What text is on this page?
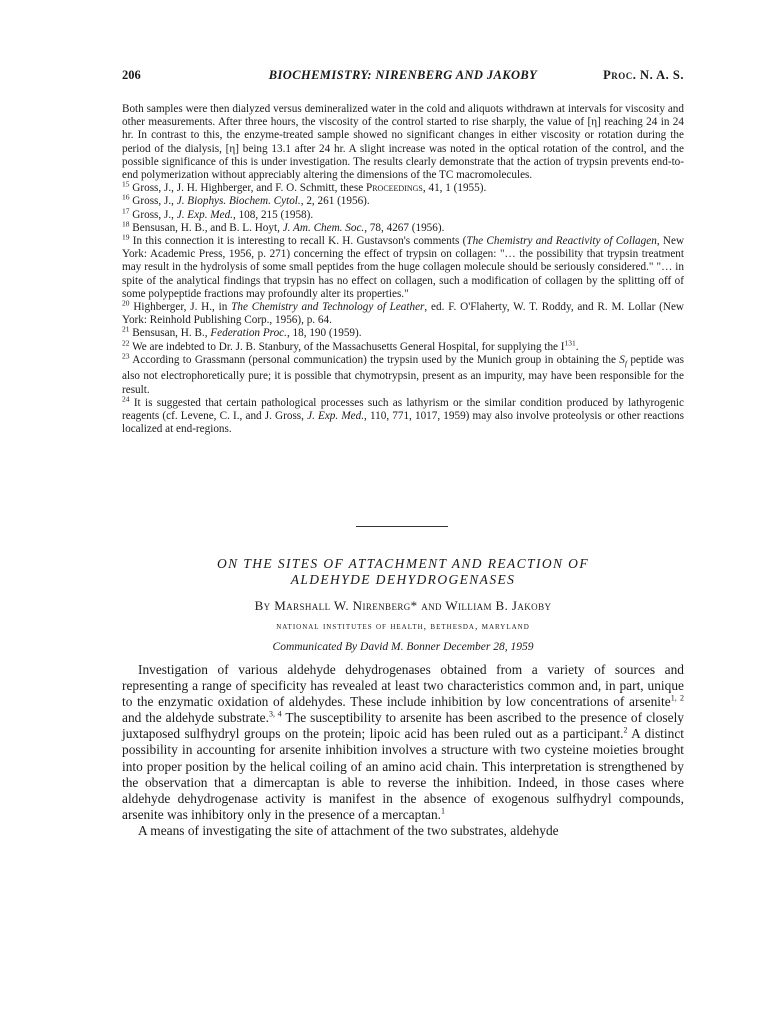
206	BIOCHEMISTRY: NIRENBERG AND JAKOBY	Proc. N. A. S.

Both samples were then dialyzed versus demineralized water in the cold and aliquots withdrawn at intervals for viscosity and other measurements. After three hours, the viscosity of the control started to rise sharply, the value of [η] reaching 24 in 24 hr. In contrast to this, the enzyme-treated sample showed no significant changes in either viscosity or rotation during the period of the dialysis, [η] being 13.1 after 24 hr. A slight increase was noted in the optical rotation of the control, and the possible significance of this is under investigation. The results clearly demonstrate that the action of trypsin prevents end-to-end polymerization without appreciably altering the dimensions of the TC macromolecules.

$^{15}$ Gross, J., J. H. Highberger, and F. O. Schmitt, these Proceedings, 41, 1 (1955).

$^{16}$ Gross, J., J. Biophys. Biochem. Cytol., 2, 261 (1956).

$^{17}$ Gross, J., J. Exp. Med., 108, 215 (1958).

$^{18}$ Bensusan, H. B., and B. L. Hoyt, J. Am. Chem. Soc., 78, 4267 (1956).

$^{19}$ In this connection it is interesting to recall K. H. Gustavson's comments (The Chemistry and Reactivity of Collagen, New York: Academic Press, 1956, p. 271) concerning the effect of trypsin on collagen: "… the possibility that trypsin treatment may result in the hydrolysis of some small peptides from the huge collagen molecule should be seriously considered." "… in spite of the analytical findings that trypsin has no effect on collagen, such a modification of collagen by the splitting off of some polypeptide fractions may profoundly alter its properties."

$^{20}$ Highberger, J. H., in The Chemistry and Technology of Leather, ed. F. O'Flaherty, W. T. Roddy, and R. M. Lollar (New York: Reinhold Publishing Corp., 1956), p. 64.

$^{21}$ Bensusan, H. B., Federation Proc., 18, 190 (1959).

$^{22}$ We are indebted to Dr. J. B. Stanbury, of the Massachusetts General Hospital, for supplying the $I^{131}$.

$^{23}$ According to Grassmann (personal communication) the trypsin used by the Munich group in obtaining the $S_f$ peptide was also not electrophoretically pure; it is possible that chymotrypsin, present as an impurity, may have been responsible for the result.

$^{24}$ It is suggested that certain pathological processes such as lathyrism or the similar condition produced by lathyrogenic reagents (cf. Levene, C. I., and J. Gross, J. Exp. Med., 110, 771, 1017, 1959) may also involve proteolysis or other reactions localized at end-regions.

ON THE SITES OF ATTACHMENT AND REACTION OF
ALDEHYDE DEHYDROGENASES
By Marshall W. Nirenberg* and William B. Jakoby
national institutes of health, bethesda, maryland
Communicated By David M. Bonner December 28, 1959

Investigation of various aldehyde dehydrogenases obtained from a variety of sources and representing a range of specificity has revealed at least two characteristics common and, in part, unique to the enzymatic oxidation of aldehydes. These include inhibition by low concentrations of arsenite$^{1, 2}$ and the aldehyde substrate.$^{3, 4}$ The susceptibility to arsenite has been ascribed to the presence of closely juxtaposed sulfhydryl groups on the protein; lipoic acid has been ruled out as a participant.$^2$ A distinct possibility in accounting for arsenite inhibition involves a structure with two cysteine moieties brought into proper position by the helical coiling of an amino acid chain. This interpretation is strengthened by the observation that a dimercaptan is able to reverse the inhibition. Indeed, in those cases where aldehyde dehydrogenase activity is manifest in the absence of exogenous sulfhydryl compounds, arsenite was inhibitory only in the presence of a mercaptan.$^1$

A means of investigating the site of attachment of the two substrates, aldehyde
